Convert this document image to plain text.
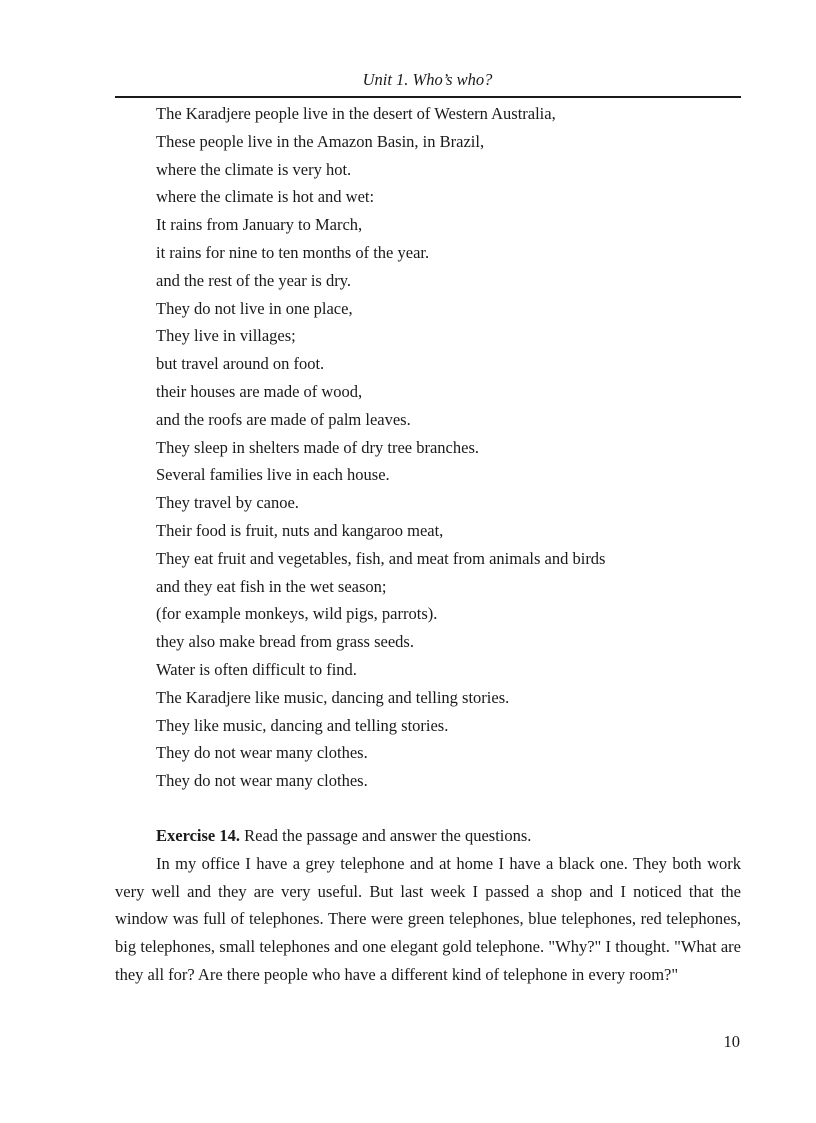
Unit 1. Who’s who?
The Karadjere people live in the desert of Western Australia,
These people live in the Amazon Basin, in Brazil,
where the climate is very hot.
where the climate is hot and wet:
It rains from January to March,
it rains for nine to ten months of the year.
and the rest of the year is dry.
They do not live in one place,
They live in villages;
but travel around on foot.
their houses are made of wood,
and the roofs are made of palm leaves.
They sleep in shelters made of dry tree branches.
Several families live in each house.
They travel by canoe.
Their food is fruit, nuts and kangaroo meat,
They eat fruit and vegetables, fish, and meat from animals and birds
and they eat fish in the wet season;
(for example monkeys, wild pigs, parrots).
they also make bread from grass seeds.
Water is often difficult to find.
The Karadjere like music, dancing and telling stories.
They like music, dancing and telling stories.
They do not wear many clothes.
They do not wear many clothes.
Exercise 14. Read the passage and answer the questions.

In my office I have a grey telephone and at home I have a black one. They both work very well and they are very useful. But last week I passed a shop and I noticed that the window was full of telephones. There were green telephones, blue telephones, red telephones, big telephones, small telephones and one elegant gold telephone. "Why?" I thought. "What are they all for? Are there people who have a different kind of telephone in every room?"

10
